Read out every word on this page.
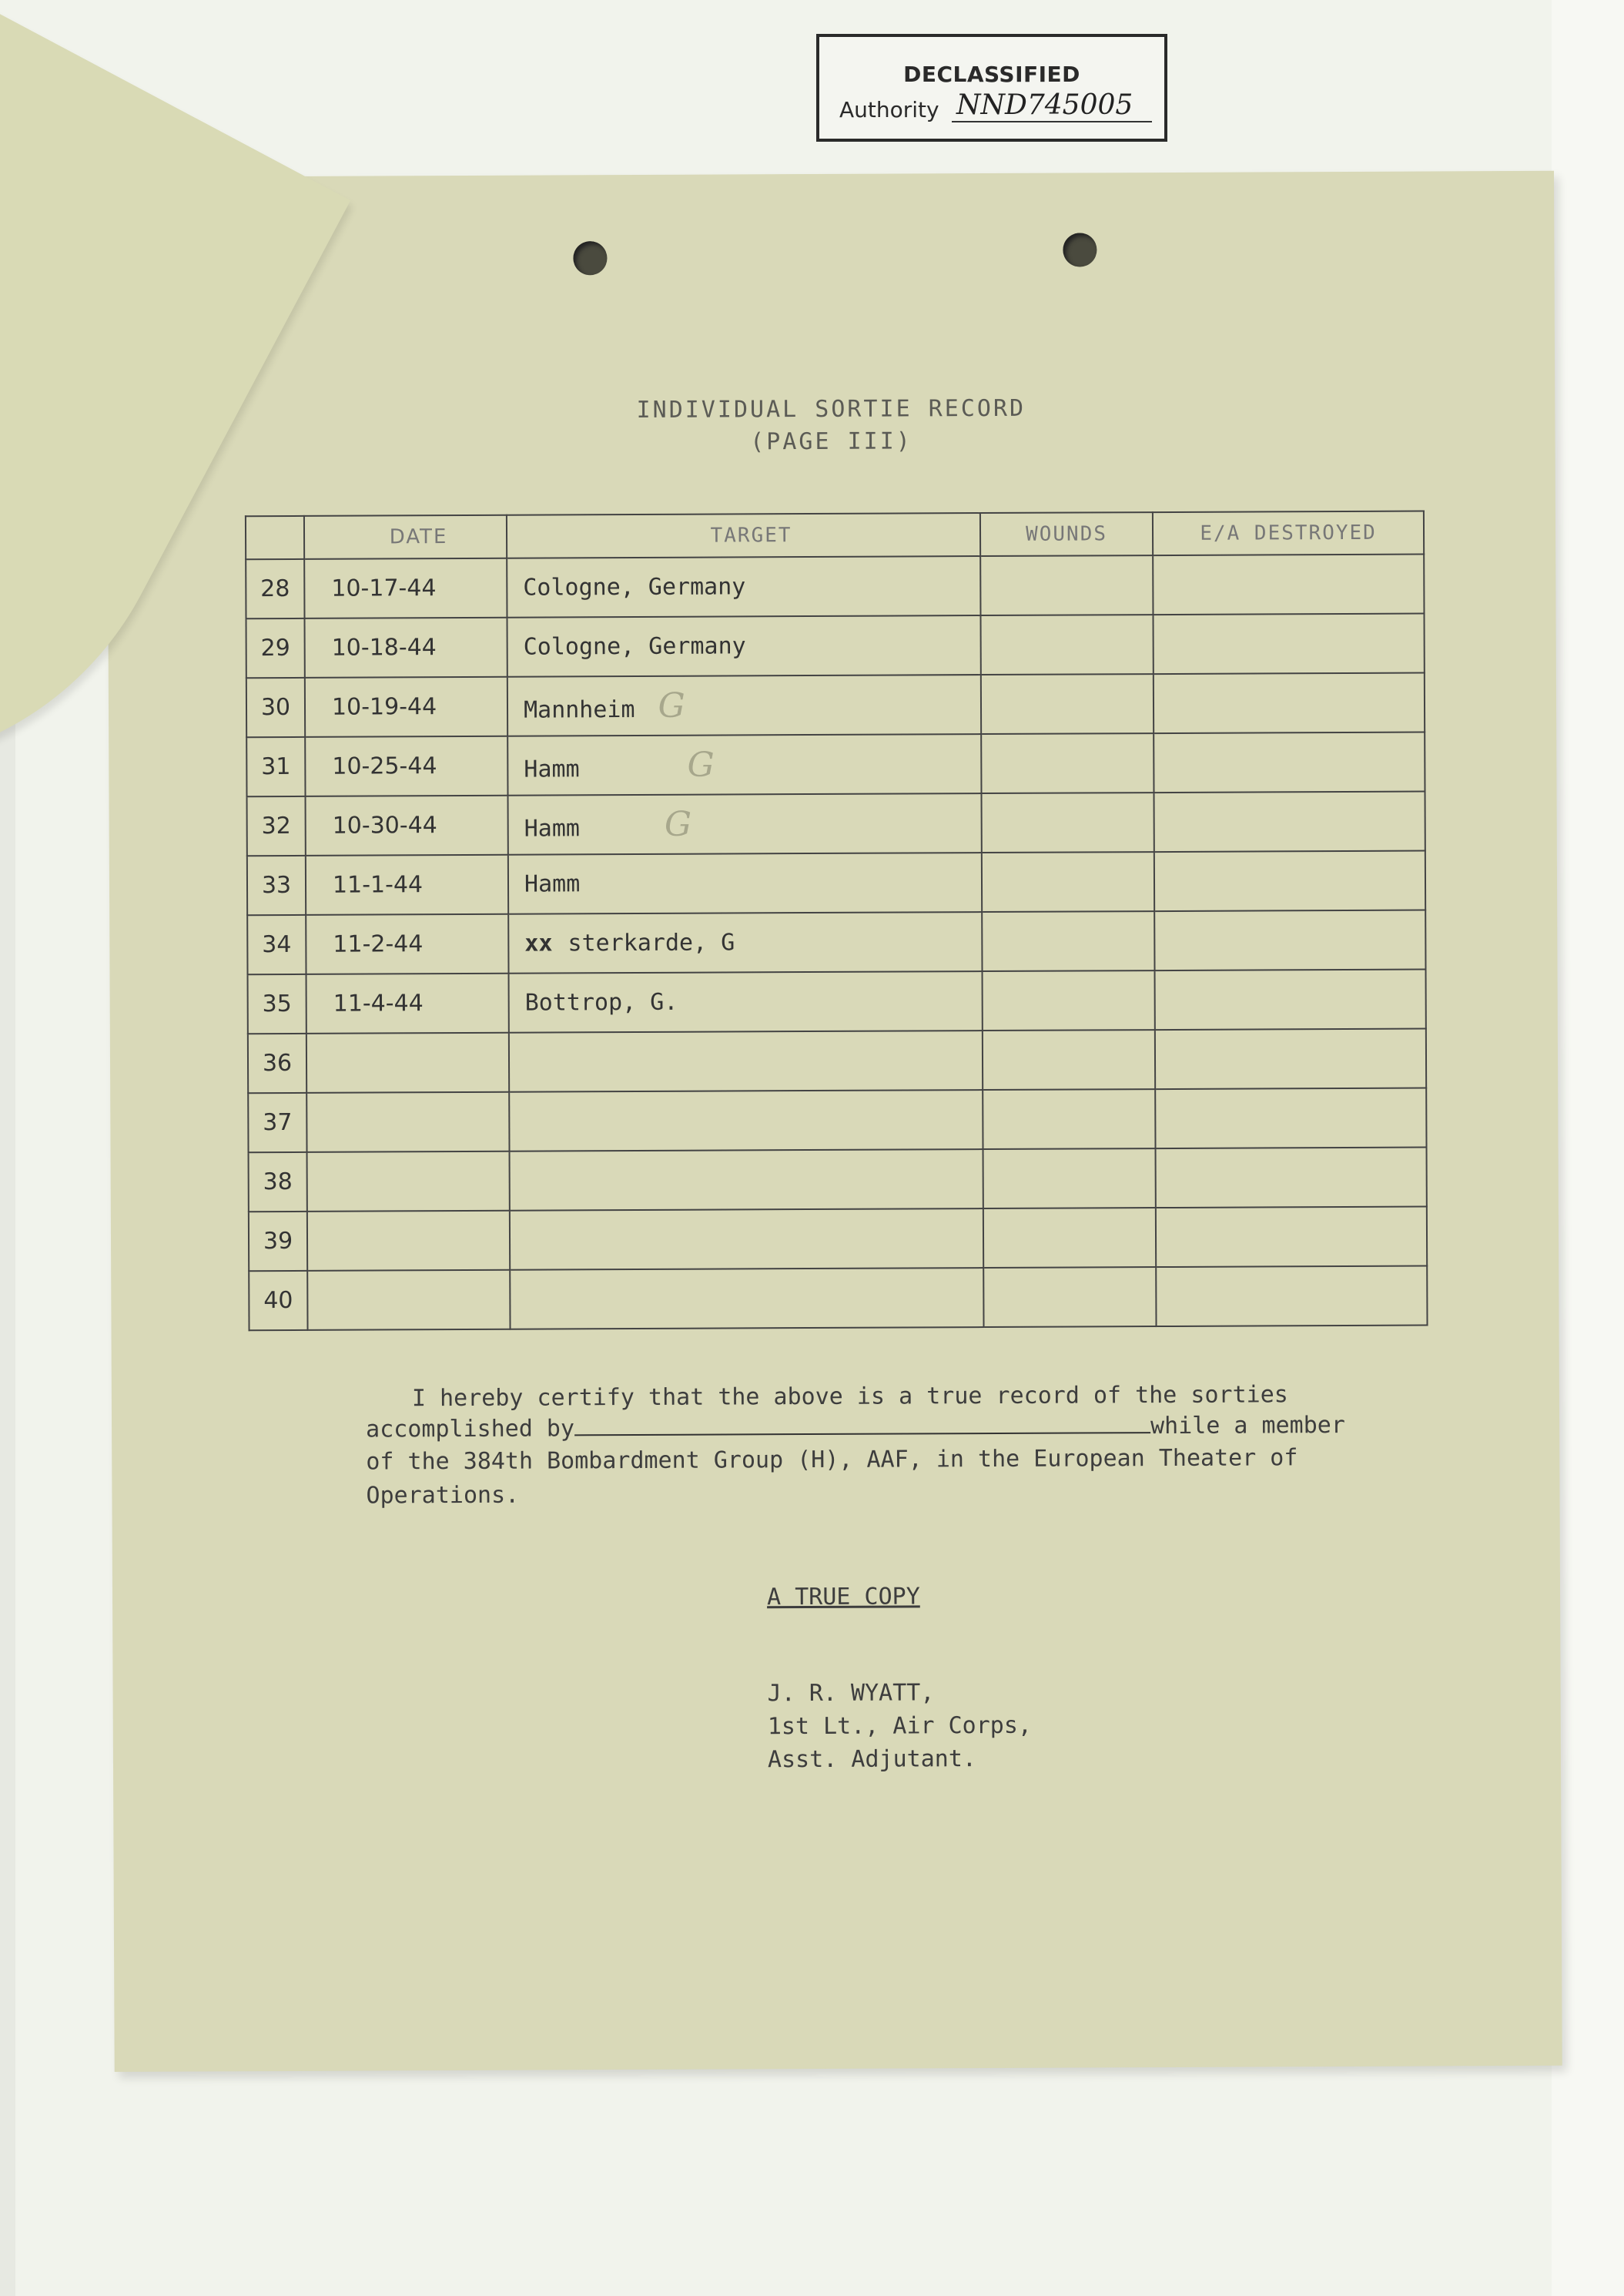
DECLASSIFIED
Authority NND745005
INDIVIDUAL SORTIE RECORD
(PAGE III)
	DATE	TARGET	WOUNDS	E/A DESTROYED
28	10-17-44	Cologne, Germany		
29	10-18-44	Cologne, Germany		
30	10-19-44	Mannheim G		
31	10-25-44	Hamm G		
32	10-30-44	Hamm G		
33	11-1-44	Hamm		
34	11-2-44	xx sterkarde, G		
35	11-4-44	Bottrop, G.		
36				
37				
38				
39				
40				
I hereby certify that the above is a true record of the sorties
accomplished by	while a member
of the 384th Bombardment Group (H), AAF, in the European Theater of
Operations.
A TRUE COPY
J. R. WYATT,
1st Lt., Air Corps,
Asst. Adjutant.
